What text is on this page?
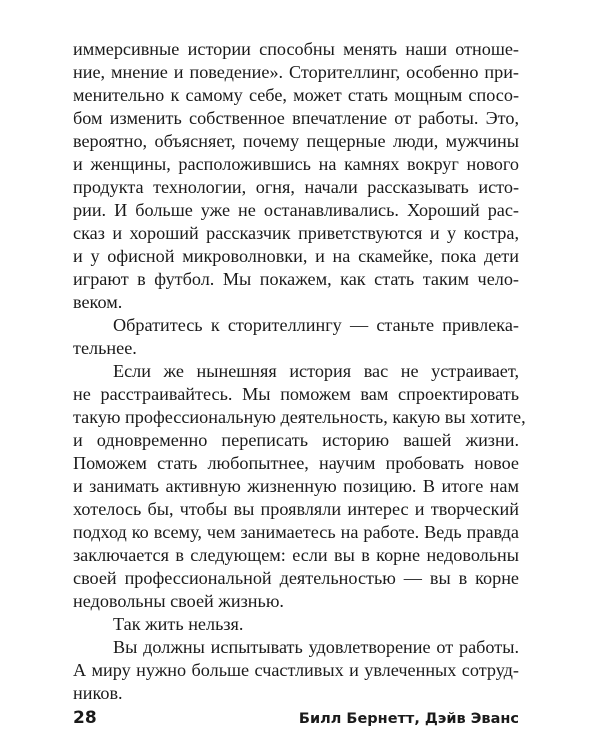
иммерсивные истории способны менять наши отноше-
ние, мнение и поведение». Сторителлинг, особенно при-
менительно к самому себе, может стать мощным спосо-
бом изменить собственное впечатление от работы. Это,
вероятно, объясняет, почему пещерные люди, мужчины
и женщины, расположившись на камнях вокруг нового
продукта технологии, огня, начали рассказывать исто-
рии. И больше уже не останавливались. Хороший рас-
сказ и хороший рассказчик приветствуются и у костра,
и у офисной микроволновки, и на скамейке, пока дети
играют в футбол. Мы покажем, как стать таким чело-
веком.
Обратитесь к сторителлингу — станьте привлека-
тельнее.
Если же нынешняя история вас не устраивает,
не расстраивайтесь. Мы поможем вам спроектировать
такую профессиональную деятельность, какую вы хотите,
и одновременно переписать историю вашей жизни.
Поможем стать любопытнее, научим пробовать новое
и занимать активную жизненную позицию. В итоге нам
хотелось бы, чтобы вы проявляли интерес и творческий
подход ко всему, чем занимаетесь на работе. Ведь правда
заключается в следующем: если вы в корне недовольны
своей профессиональной деятельностью — вы в корне
недовольны своей жизнью.
Так жить нельзя.
Вы должны испытывать удовлетворение от работы.
А миру нужно больше счастливых и увлеченных сотруд-
ников.
28	Билл Бернетт, Дэйв Эванс
